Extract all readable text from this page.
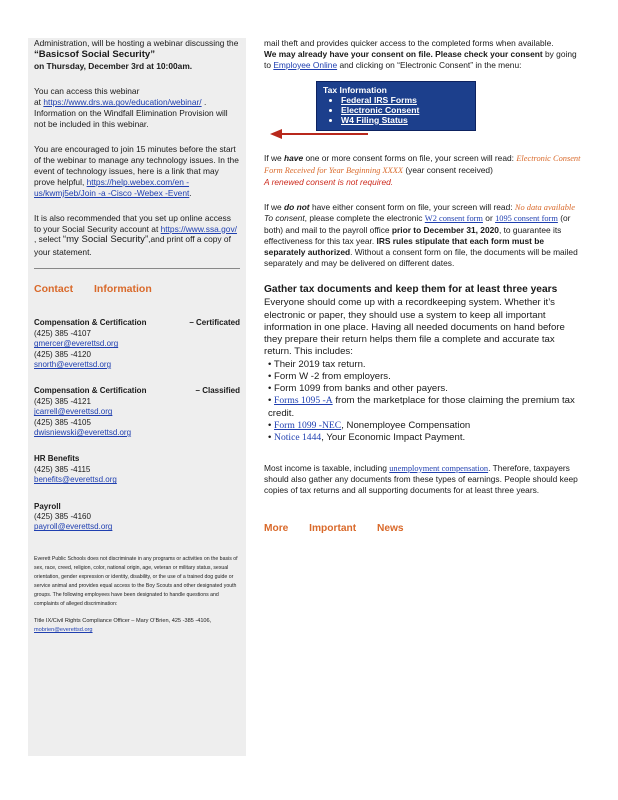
Administration, will be hosting a webinar discussing the “Basicsof Social Security”
on Thursday, December 3rd at 10:00am.

You can access this webinar
at https://www.drs.wa.gov/education/webinar/ .
Information on the Windfall Elimination Provision will not be included in this webinar.

You are encouraged to join 15 minutes before the start of the webinar to manage any technology issues. In the event of technology issues, here is a link that may prove helpful, https://help.webex.com/en -us/kwmj5eb/Join -a -Cisco -Webex -Event.

It is also recommended that you set up online access to your Social Security account at https://www.ssa.gov/ , select “my Social Security”,and print off a copy of your statement.

Contact Information
Compensation & Certification	– Certificated
(425) 385 -4107
gmercer@everettsd.org
(425) 385 -4120
snorth@everettsd.org
Compensation & Certification	– Classified
(425) 385 -4121
jcarrell@everettsd.org
(425) 385 -4105
dwisniewski@everettsd.org
HR Benefits
(425) 385 -4115
benefits@everettsd.org
Payroll
(425) 385 -4160
payroll@everettsd.org
Everett Public Schools does not discriminate in any programs or activities on the basis of sex, race, creed, religion, color, national origin, age, veteran or military status, sexual orientation, gender expression or identity, disability, or the use of a trained dog guide or service animal and provides equal access to the Boy Scouts and other designated youth groups. The following employees have been designated to handle questions and complaints of alleged discrimination:
Title IX/Civil Rights Compliance Officer – Mary O’Brien, 425 -385 -4106, mobrien@everettsd.org

mail theft and provides quicker access to the completed forms when available.
We may already have your consent on file. Please check your consent by going to Employee Online and clicking on “Electronic Consent” in the menu:

Tax Information
• Federal IRS Forms
• Electronic Consent
• W4 Filing Status

If we have one or more consent forms on file, your screen will read: Electronic Consent Form Received for Year Beginning XXXX (year consent received)
A renewed consent is not required.

If we do not have either consent form on file, your screen will read: No data available
To consent, please complete the electronic W2 consent form or 1095 consent form (or both) and mail to the payroll office prior to December 31, 2020, to guarantee its effectiveness for this tax year. IRS rules stipulate that each form must be separately authorized. Without a consent form on file, the documents will be mailed separately and may be delivered on different dates.

Gather tax documents and keep them for at least three years
Everyone should come up with a recordkeeping system. Whether it’s electronic or paper, they should use a system to keep all important information in one place. Having all needed documents on hand before they prepare their return helps them file a complete and accurate tax return. This includes:
• Their 2019 tax return.
• Form W -2 from employers.
• Form 1099 from banks and other payers.
• Forms 1095 -A from the marketplace for those claiming the premium tax credit.
• Form 1099 -NEC, Nonemployee Compensation
• Notice 1444, Your Economic Impact Payment.

Most income is taxable, including unemployment compensation. Therefore, taxpayers should also gather any documents from these types of earnings. People should keep copies of tax returns and all supporting documents for at least three years.

More Important News
